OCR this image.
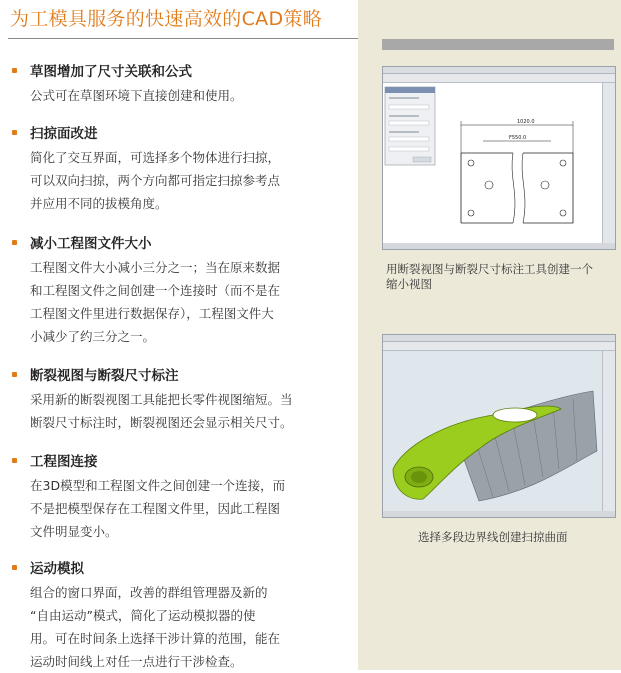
为工模具服务的快速高效的CAD策略
草图增加了尺寸关联和公式
公式可在草图环境下直接创建和使用。
扫掠面改进
简化了交互界面，可选择多个物体进行扫掠，
可以双向扫掠，两个方向都可指定扫掠参考点
并应用不同的拔模角度。
减小工程图文件大小
工程图文件大小减小三分之一；当在原来数据
和工程图文件之间创建一个连接时（而不是在
工程图文件里进行数据保存），工程图文件大
小减少了约三分之一。
断裂视图与断裂尺寸标注
采用新的断裂视图工具能把长零件视图缩短。当
断裂尺寸标注时，断裂视图还会显示相关尺寸。
工程图连接
在3D模型和工程图文件之间创建一个连接，而
不是把模型保存在工程图文件里，因此工程图
文件明显变小。
运动模拟
组合的窗口界面，改善的群组管理器及新的
“自由运动”模式，简化了运动模拟器的使
用。可在时间条上选择干涉计算的范围，能在
运动时间线上对任一点进行干涉检查。
1020.0
F550.0
用断裂视图与断裂尺寸标注工具创建一个
缩小视图
选择多段边界线创建扫掠曲面
